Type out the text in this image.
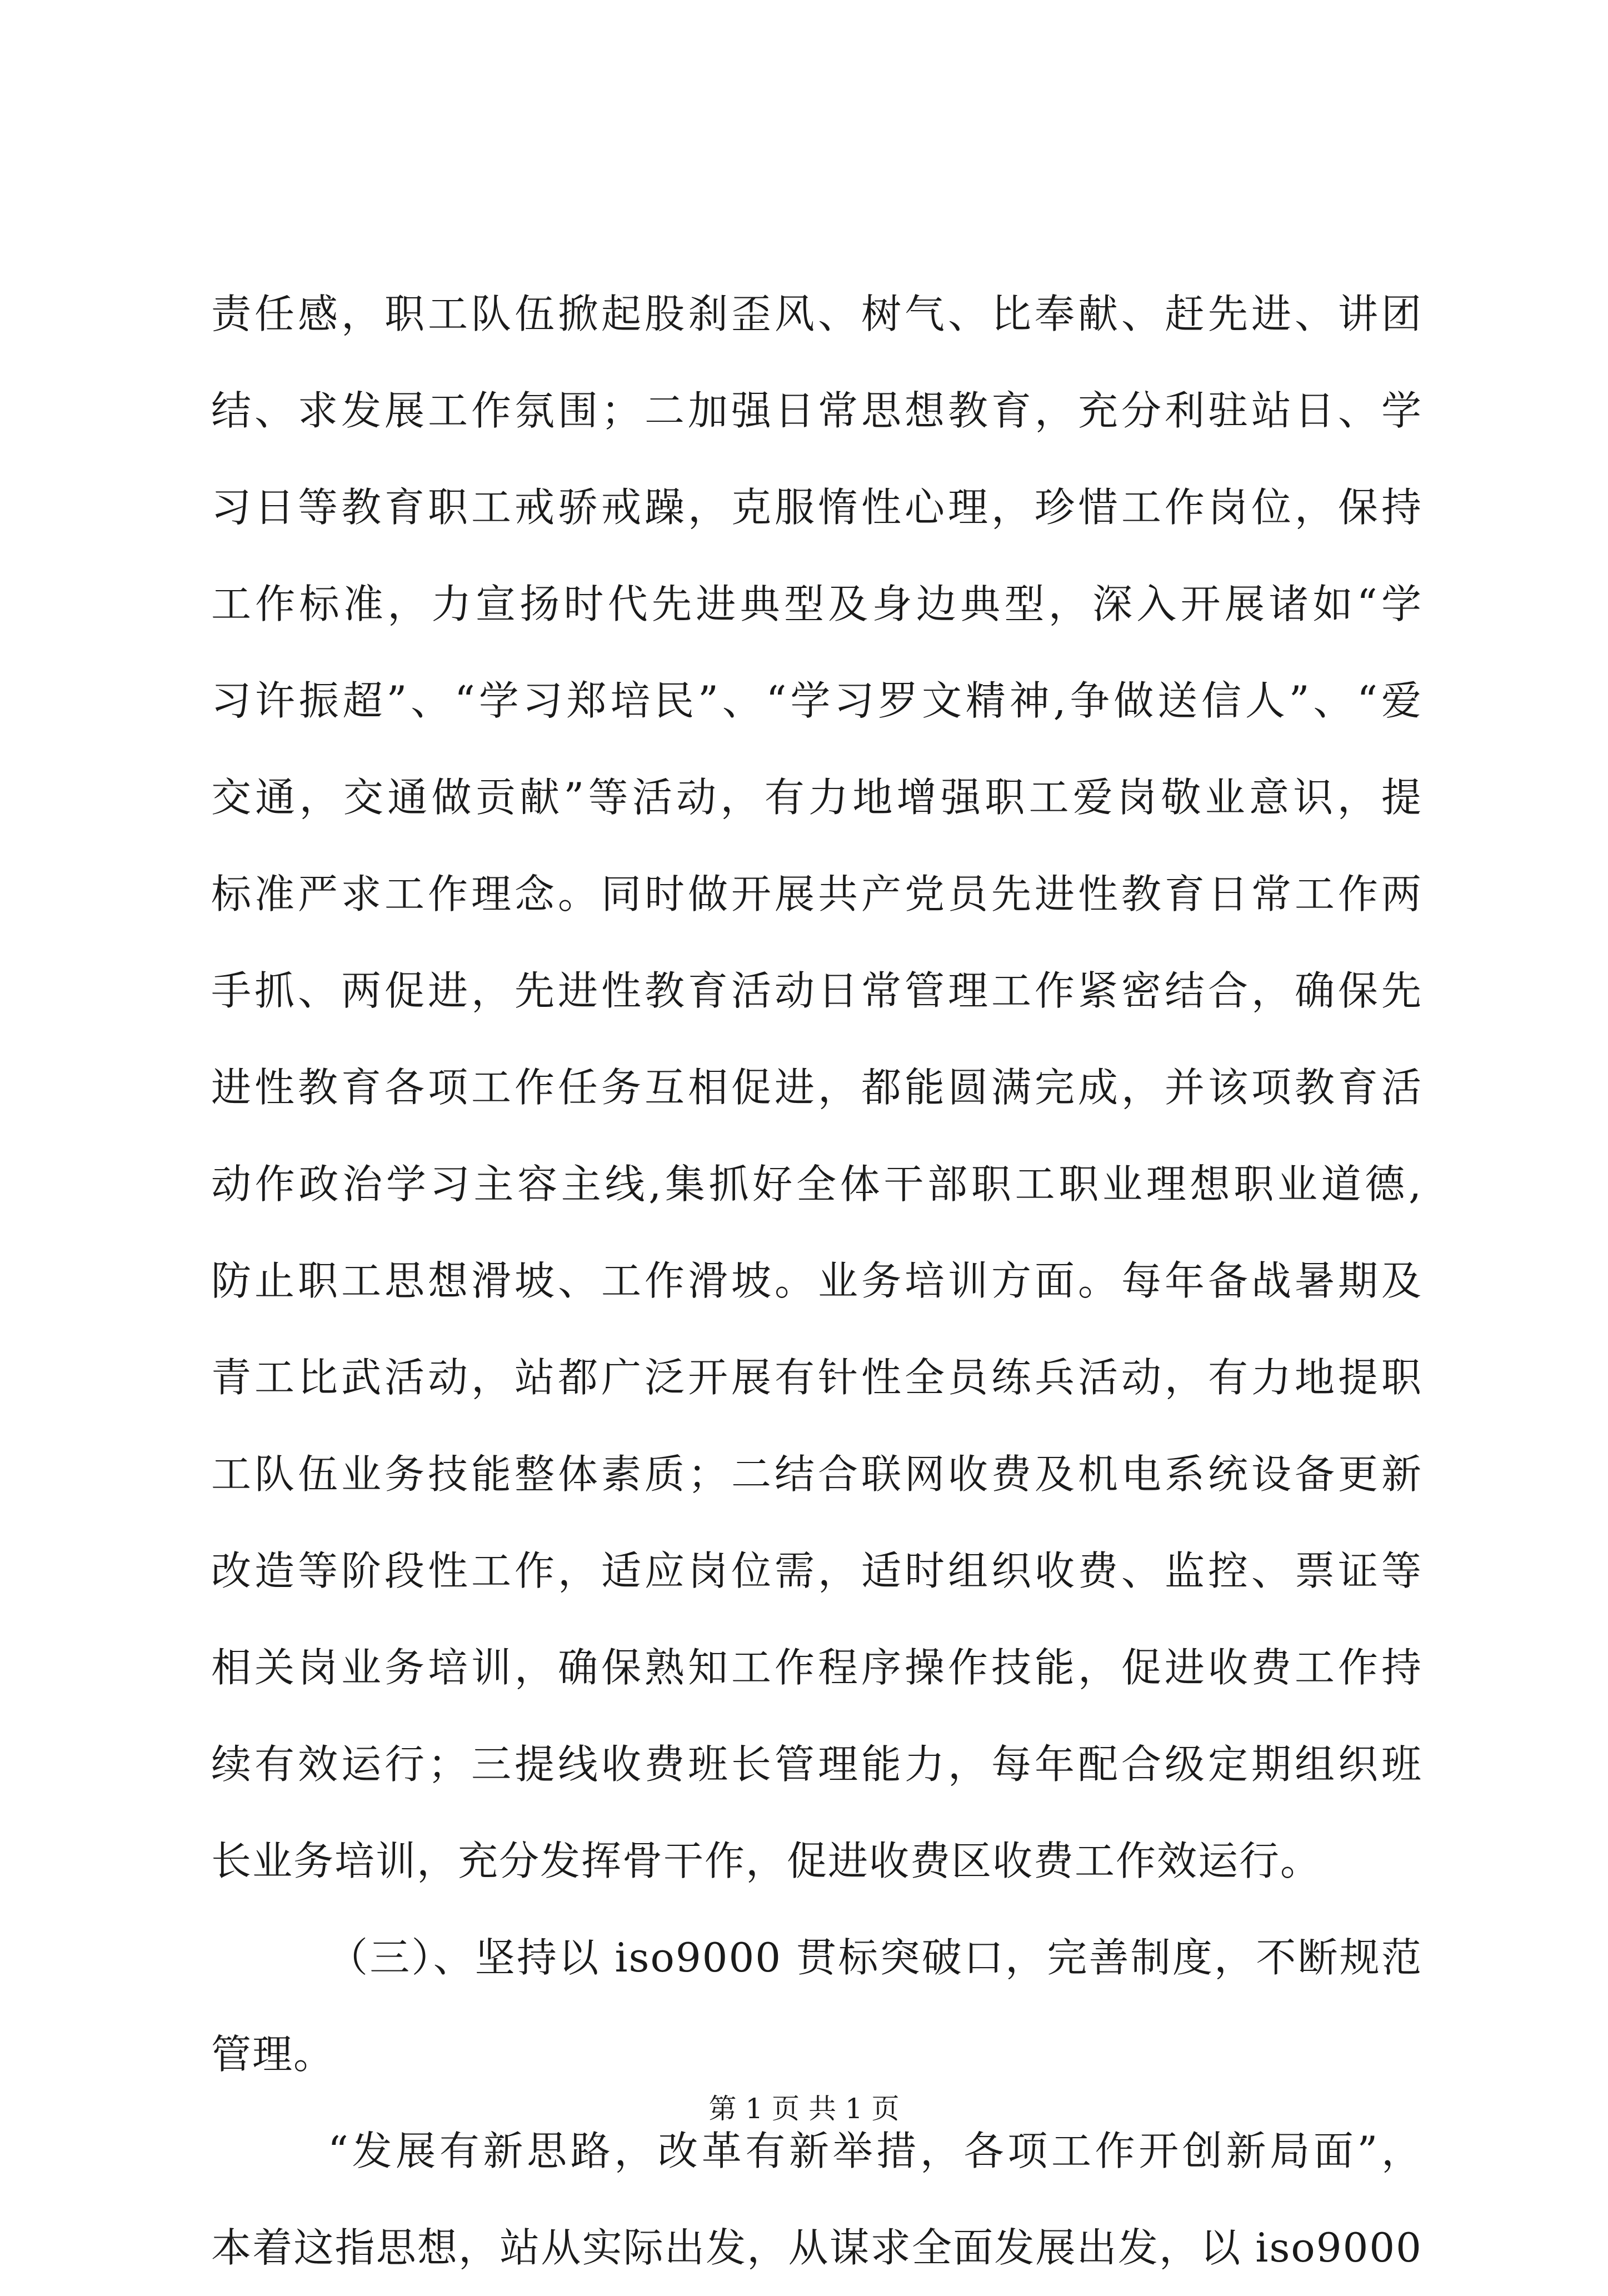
责任感，职工队伍掀起股刹歪风、树气、比奉献、赶先进、讲团
结、求发展工作氛围；二加强日常思想教育，充分利驻站日、学
习日等教育职工戒骄戒躁，克服惰性心理，珍惜工作岗位，保持
工作标准，力宣扬时代先进典型及身边典型，深入开展诸如“学
习许振超”、“学习郑培民”、“学习罗文精神,争做送信人”、“爱
交通，交通做贡献”等活动，有力地增强职工爱岗敬业意识，提
标准严求工作理念。同时做开展共产党员先进性教育日常工作两
手抓、两促进，先进性教育活动日常管理工作紧密结合，确保先
进性教育各项工作任务互相促进，都能圆满完成，并该项教育活
动作政治学习主容主线,集抓好全体干部职工职业理想职业道德,
防止职工思想滑坡、工作滑坡。业务培训方面。每年备战暑期及
青工比武活动，站都广泛开展有针性全员练兵活动，有力地提职
工队伍业务技能整体素质；二结合联网收费及机电系统设备更新
改造等阶段性工作，适应岗位需，适时组织收费、监控、票证等
相关岗业务培训，确保熟知工作程序操作技能，促进收费工作持
续有效运行；三提线收费班长管理能力，每年配合级定期组织班
长业务培训，充分发挥骨干作，促进收费区收费工作效运行。
（三）、坚持以 iso9000 贯标突破口，完善制度，不断规范
管理。
“发展有新思路，改革有新举措，各项工作开创新局面”，
本着这指思想，站从实际出发，从谋求全面发展出发，以 iso9000
第 1 页 共 1 页
